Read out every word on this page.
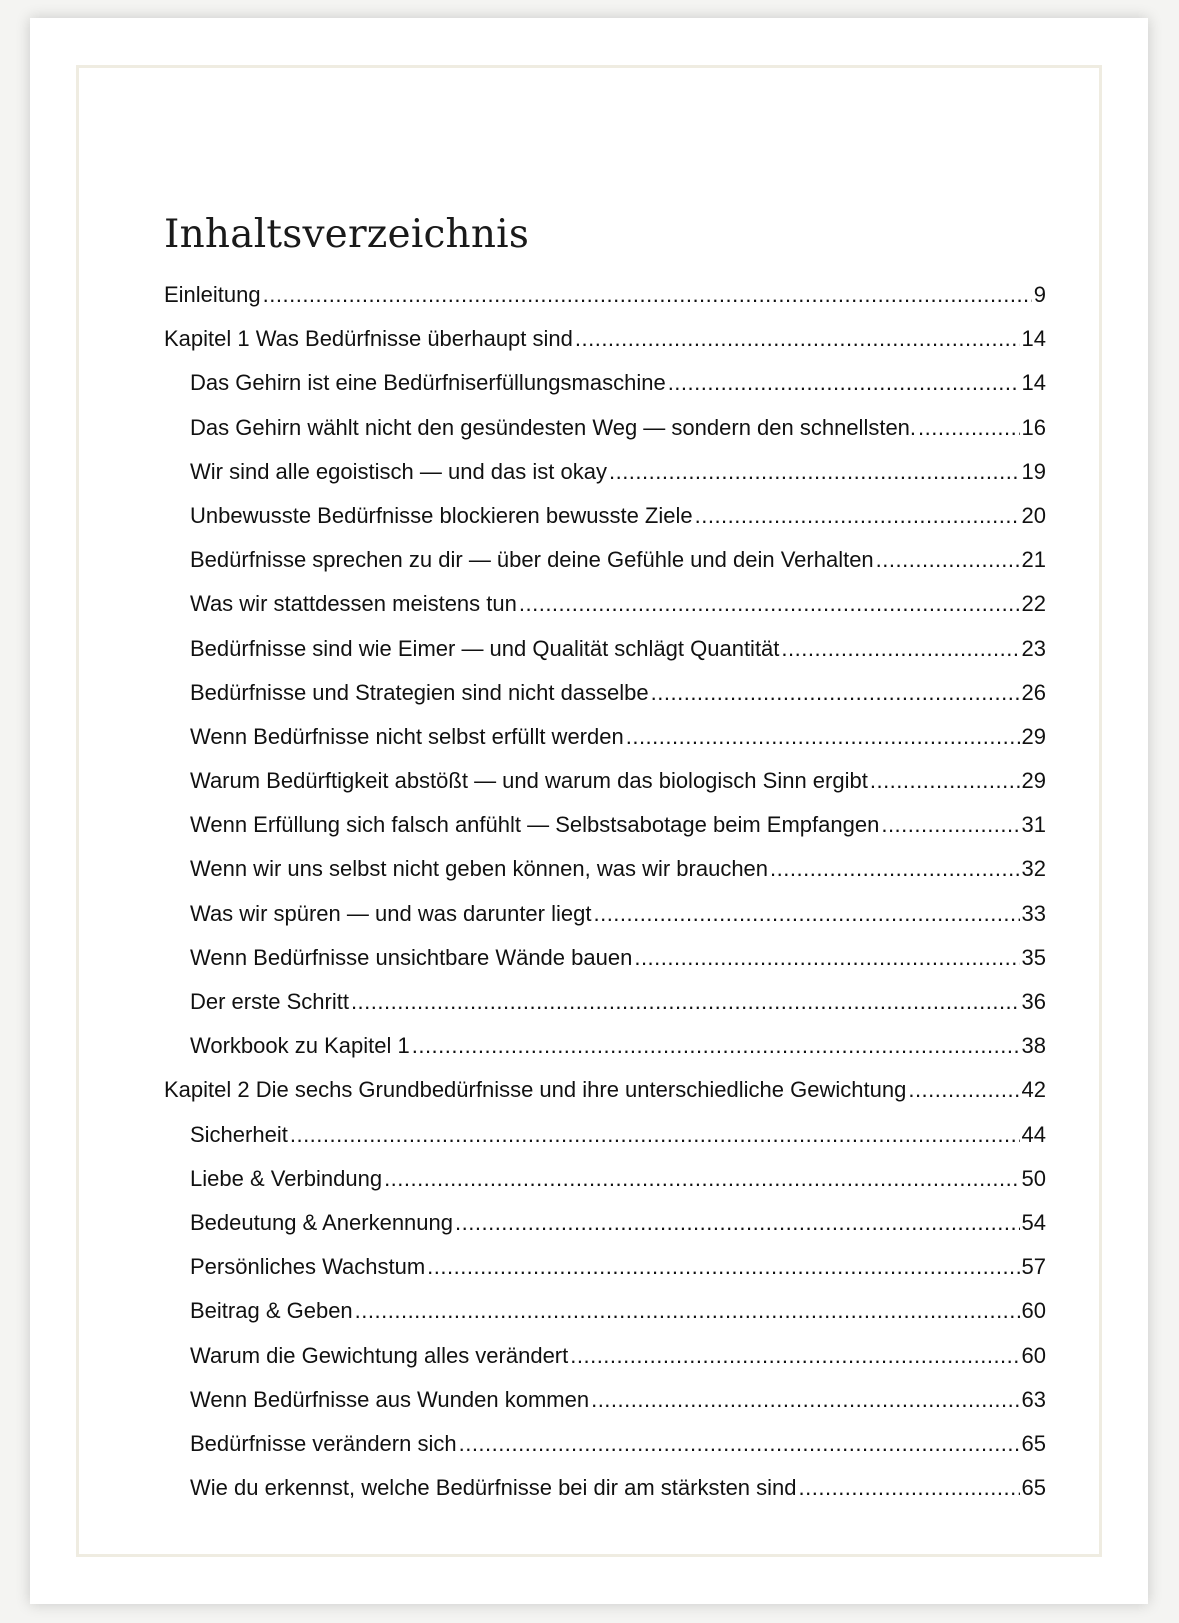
Inhaltsverzeichnis
Einleitung .....	9
Kapitel 1 Was Bedürfnisse überhaupt sind .....	14
Das Gehirn ist eine Bedürfniserfüllungsmaschine .....	14
Das Gehirn wählt nicht den gesündesten Weg — sondern den schnellsten. .....	16
Wir sind alle egoistisch — und das ist okay .....	19
Unbewusste Bedürfnisse blockieren bewusste Ziele .....	20
Bedürfnisse sprechen zu dir — über deine Gefühle und dein Verhalten .....	21
Was wir stattdessen meistens tun .....	22
Bedürfnisse sind wie Eimer — und Qualität schlägt Quantität .....	23
Bedürfnisse und Strategien sind nicht dasselbe .....	26
Wenn Bedürfnisse nicht selbst erfüllt werden .....	29
Warum Bedürftigkeit abstößt — und warum das biologisch Sinn ergibt .....	29
Wenn Erfüllung sich falsch anfühlt — Selbstsabotage beim Empfangen .....	31
Wenn wir uns selbst nicht geben können, was wir brauchen .....	32
Was wir spüren — und was darunter liegt .....	33
Wenn Bedürfnisse unsichtbare Wände bauen .....	35
Der erste Schritt .....	36
Workbook zu Kapitel 1 .....	38
Kapitel 2 Die sechs Grundbedürfnisse und ihre unterschiedliche Gewichtung .....	42
Sicherheit .....	44
Liebe & Verbindung .....	50
Bedeutung & Anerkennung .....	54
Persönliches Wachstum .....	57
Beitrag & Geben .....	60
Warum die Gewichtung alles verändert .....	60
Wenn Bedürfnisse aus Wunden kommen .....	63
Bedürfnisse verändern sich .....	65
Wie du erkennst, welche Bedürfnisse bei dir am stärksten sind .....	65
